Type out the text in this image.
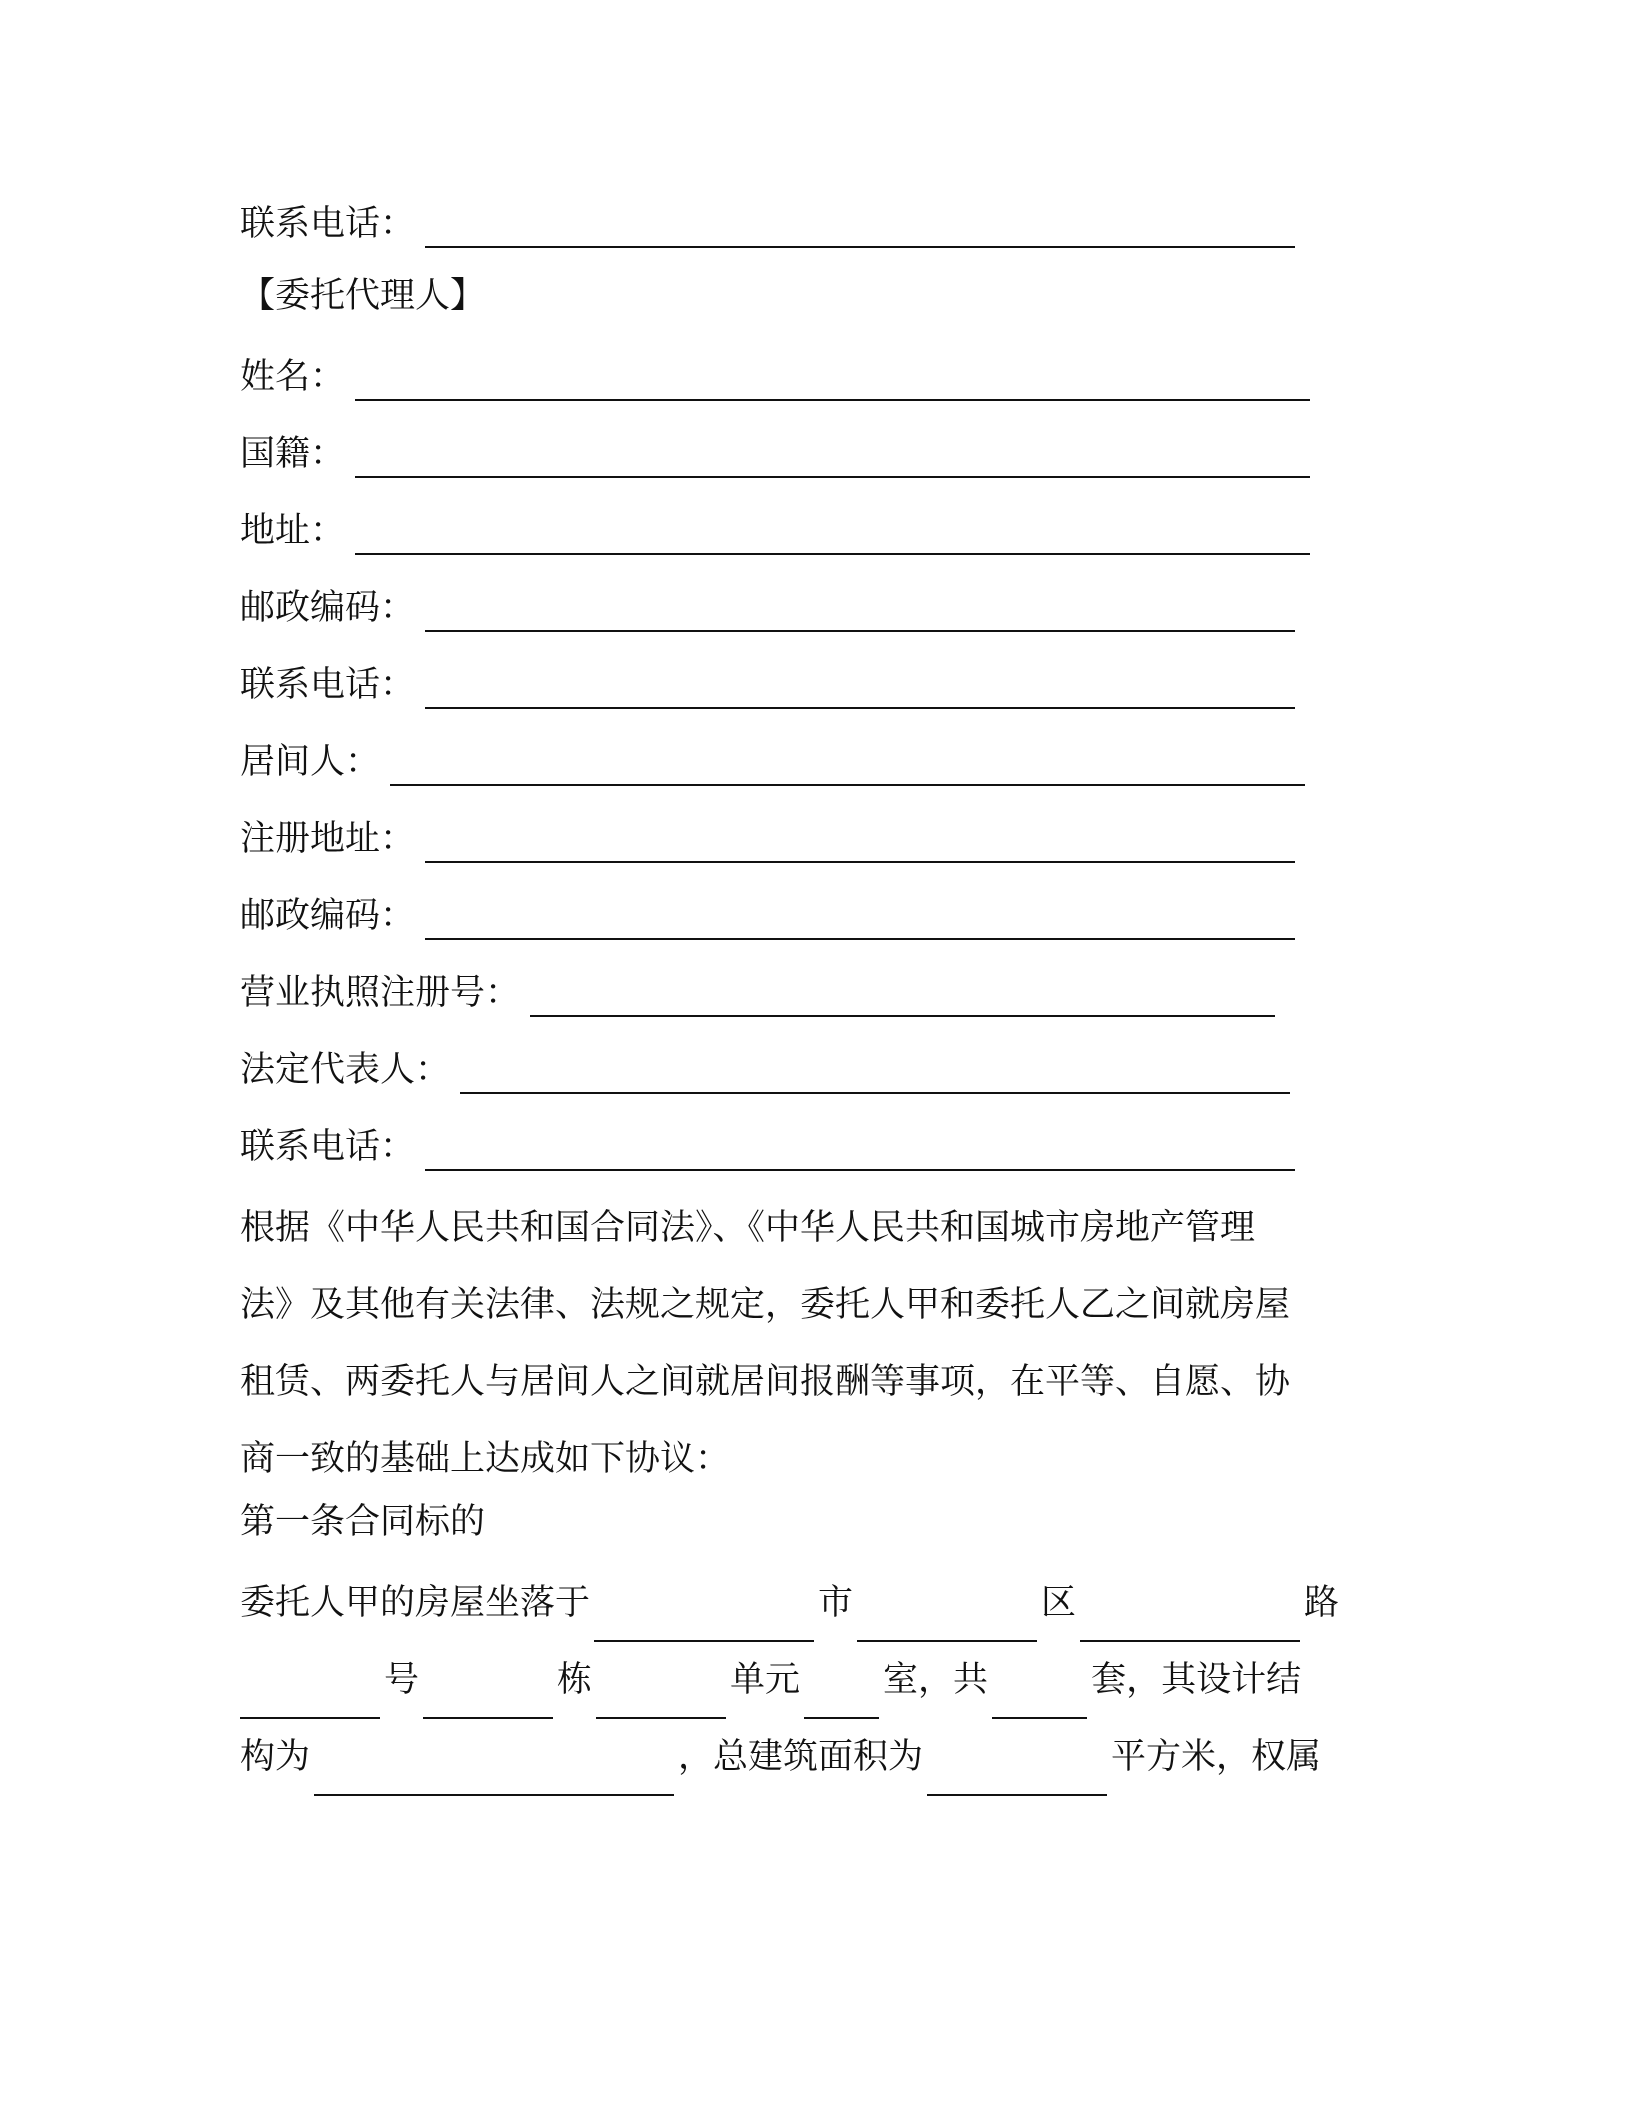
联系电话：
【委托代理人】
姓名：
国籍：
地址：
邮政编码：
联系电话：
居间人：
注册地址：
邮政编码：
营业执照注册号：
法定代表人：
联系电话：
根据《中华人民共和国合同法》、《中华人民共和国城市房地产管理
法》及其他有关法律、法规之规定，委托人甲和委托人乙之间就房屋
租赁、两委托人与居间人之间就居间报酬等事项，在平等、自愿、协
商一致的基础上达成如下协议：
第一条合同标的
委托人甲的房屋坐落于	市	区	路
号	栋	单元 室，共	套，其设计结
构为	，总建筑面积为	平方米，权属
